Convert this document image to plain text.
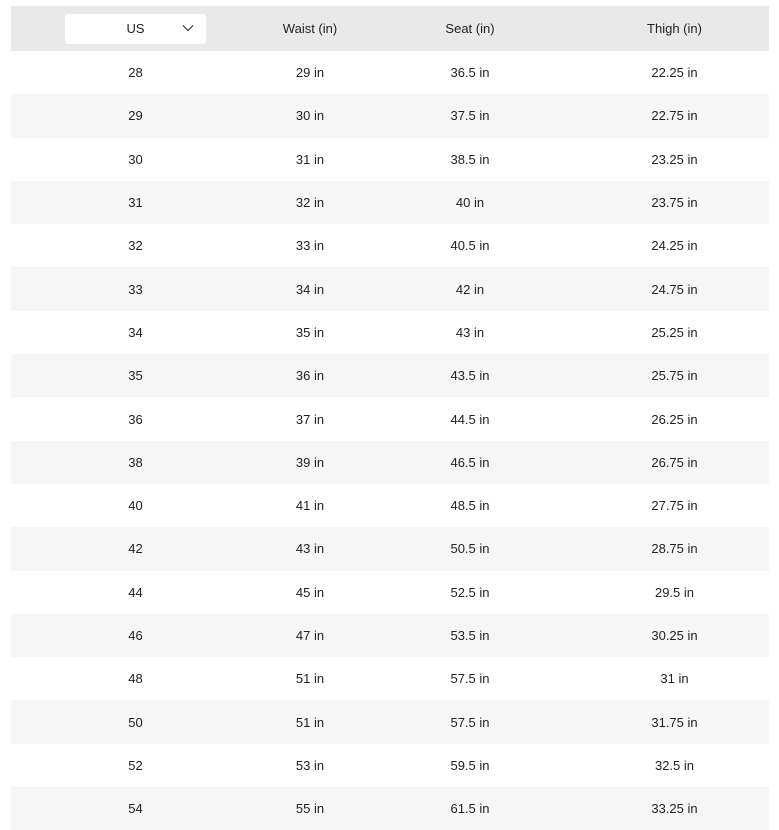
US	Waist (in)	Seat (in)	Thigh (in)
28	29 in	36.5 in	22.25 in
29	30 in	37.5 in	22.75 in
30	31 in	38.5 in	23.25 in
31	32 in	40 in	23.75 in
32	33 in	40.5 in	24.25 in
33	34 in	42 in	24.75 in
34	35 in	43 in	25.25 in
35	36 in	43.5 in	25.75 in
36	37 in	44.5 in	26.25 in
38	39 in	46.5 in	26.75 in
40	41 in	48.5 in	27.75 in
42	43 in	50.5 in	28.75 in
44	45 in	52.5 in	29.5 in
46	47 in	53.5 in	30.25 in
48	51 in	57.5 in	31 in
50	51 in	57.5 in	31.75 in
52	53 in	59.5 in	32.5 in
54	55 in	61.5 in	33.25 in
